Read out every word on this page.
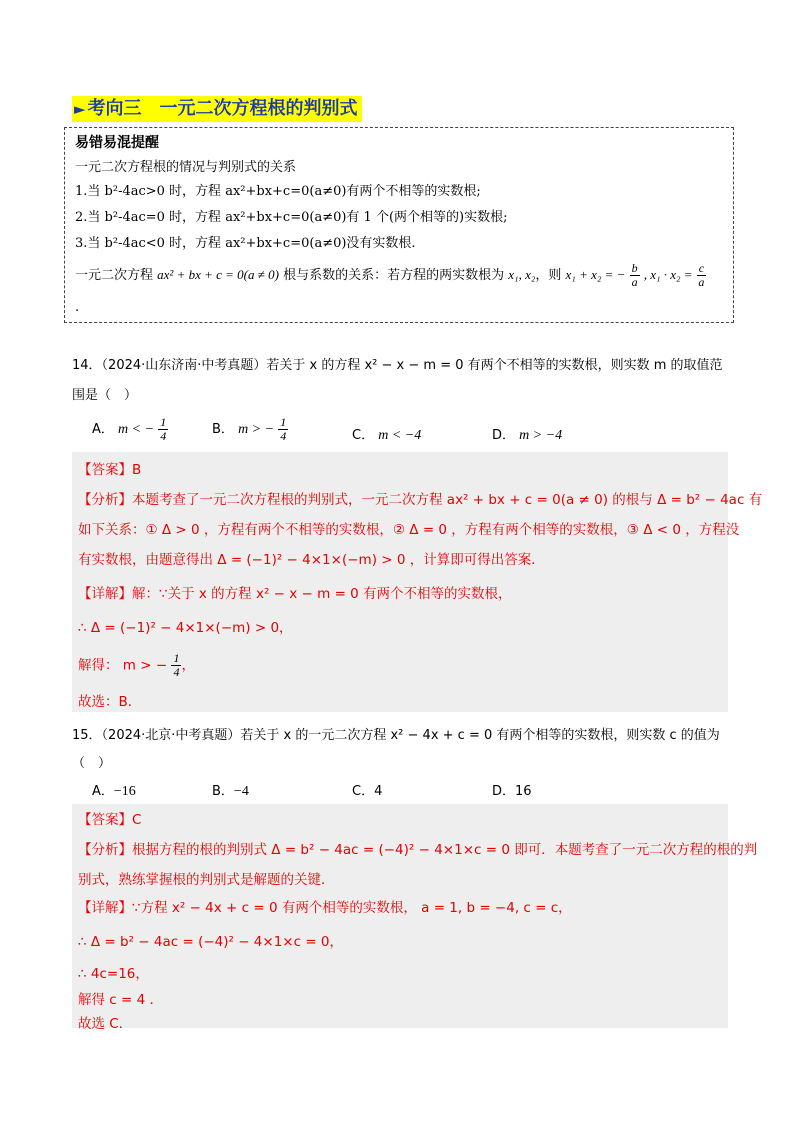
► 考向三　一元二次方程根的判别式
易错易混提醒
一元二次方程根的情况与判别式的关系
1.当 b²-4ac>0 时，方程 ax²+bx+c=0(a≠0)有两个不相等的实数根;
2.当 b²-4ac=0 时，方程 ax²+bx+c=0(a≠0)有 1 个(两个相等的)实数根;
3.当 b²-4ac<0 时，方程 ax²+bx+c=0(a≠0)没有实数根.
一元二次方程 ax² + bx + c = 0(a ≠ 0) 根与系数的关系：若方程的两实数根为 x₁, x₂，则 x₁ + x₂ = − $\frac{b}{a}$ , $x_1 \cdot x_2 = \frac{c}{a}$
.
14．（2024·山东济南·中考真题）若关于 x 的方程 x² − x − m = 0 有两个不相等的实数根，则实数 m 的取值范
围是（　）
A． m < − $\frac{1}{4}$	B． m > − $\frac{1}{4}$	C． m < −4	D． m > −4
【答案】B
【分析】本题考查了一元二次方程根的判别式，一元二次方程 ax² + bx + c = 0(a ≠ 0) 的根与 Δ = b² − 4ac 有
如下关系：① Δ > 0 ，方程有两个不相等的实数根，② Δ = 0 ，方程有两个相等的实数根，③ Δ < 0 ，方程没
有实数根，由题意得出 Δ = (−1)² − 4×1×(−m) > 0 ，计算即可得出答案．
【详解】解：∵关于 x 的方程 x² − x − m = 0 有两个不相等的实数根，
∴ Δ = (−1)² − 4×1×(−m) > 0，
解得： m > − $\frac{1}{4}$ ，
故选：B．
15．（2024·北京·中考真题）若关于 x 的一元二次方程 x² − 4x + c = 0 有两个相等的实数根，则实数 c 的值为
（　）
A．−16	B．−4	C．4	D．16
【答案】C
【分析】根据方程的根的判别式 Δ = b² − 4ac = (−4)² − 4×1×c = 0 即可．本题考查了一元二次方程的根的判
别式，熟练掌握根的判别式是解题的关键．
【详解】∵方程 x² − 4x + c = 0 有两个相等的实数根， a = 1, b = −4, c = c，
∴ Δ = b² − 4ac = (−4)² − 4×1×c = 0，
∴ 4c=16，
解得 c = 4 ．
故选 C．
